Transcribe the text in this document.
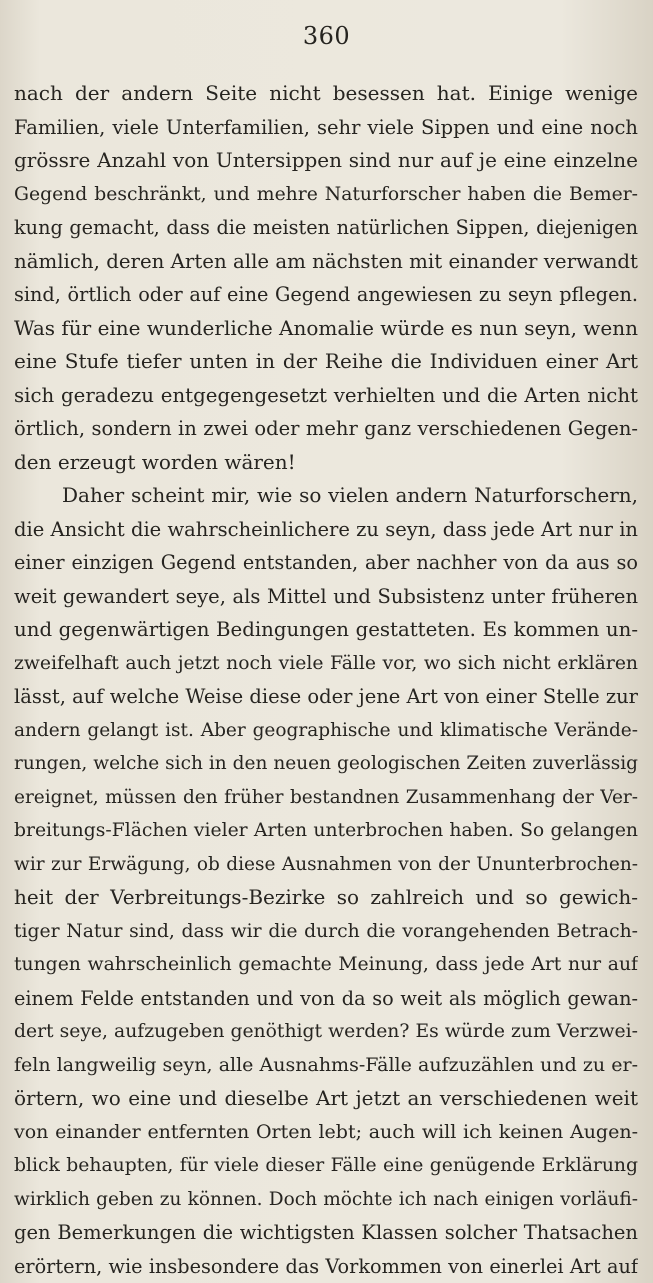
360
nach der andern Seite nicht besessen hat. Einige wenige
Familien, viele Unterfamilien, sehr viele Sippen und eine noch
grössre Anzahl von Untersippen sind nur auf je eine einzelne
Gegend beschränkt, und mehre Naturforscher haben die Bemer-
kung gemacht, dass die meisten natürlichen Sippen, diejenigen
nämlich, deren Arten alle am nächsten mit einander verwandt
sind, örtlich oder auf eine Gegend angewiesen zu seyn pflegen.
Was für eine wunderliche Anomalie würde es nun seyn, wenn
eine Stufe tiefer unten in der Reihe die Individuen einer Art
sich geradezu entgegengesetzt verhielten und die Arten nicht
örtlich, sondern in zwei oder mehr ganz verschiedenen Gegen-
den erzeugt worden wären!
Daher scheint mir, wie so vielen andern Naturforschern,
die Ansicht die wahrscheinlichere zu seyn, dass jede Art nur in
einer einzigen Gegend entstanden, aber nachher von da aus so
weit gewandert seye, als Mittel und Subsistenz unter früheren
und gegenwärtigen Bedingungen gestatteten. Es kommen un-
zweifelhaft auch jetzt noch viele Fälle vor, wo sich nicht erklären
lässt, auf welche Weise diese oder jene Art von einer Stelle zur
andern gelangt ist. Aber geographische und klimatische Verände-
rungen, welche sich in den neuen geologischen Zeiten zuverlässig
ereignet, müssen den früher bestandnen Zusammenhang der Ver-
breitungs-Flächen vieler Arten unterbrochen haben. So gelangen
wir zur Erwägung, ob diese Ausnahmen von der Ununterbrochen-
heit der Verbreitungs-Bezirke so zahlreich und so gewich-
tiger Natur sind, dass wir die durch die vorangehenden Betrach-
tungen wahrscheinlich gemachte Meinung, dass jede Art nur auf
einem Felde entstanden und von da so weit als möglich gewan-
dert seye, aufzugeben genöthigt werden? Es würde zum Verzwei-
feln langweilig seyn, alle Ausnahms-Fälle aufzuzählen und zu er-
örtern, wo eine und dieselbe Art jetzt an verschiedenen weit
von einander entfernten Orten lebt; auch will ich keinen Augen-
blick behaupten, für viele dieser Fälle eine genügende Erklärung
wirklich geben zu können. Doch möchte ich nach einigen vorläufi-
gen Bemerkungen die wichtigsten Klassen solcher Thatsachen
erörtern, wie insbesondere das Vorkommen von einerlei Art auf
